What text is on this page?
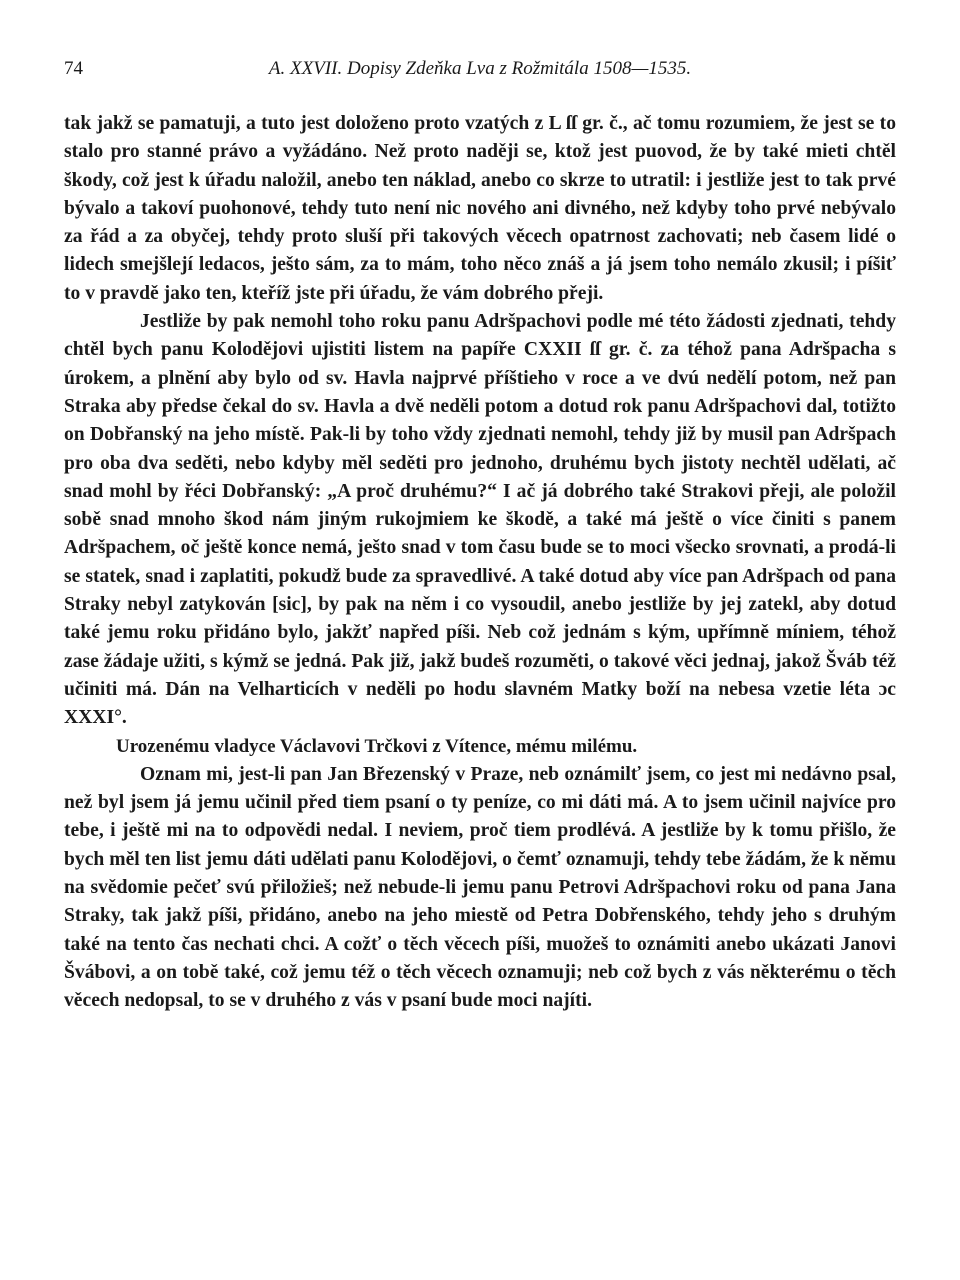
74	A. XXVII. Dopisy Zdeňka Lva z Rožmitála 1508—1535.

tak jakž se pamatuji, a tuto jest doloženo proto vzatých z L ſſ gr. č., ač tomu rozumiem, že jest se to stalo pro stanné právo a vyžádáno. Než proto naději se, ktož jest puovod, že by také mieti chtěl škody, což jest k úřadu naložil, anebo ten náklad, anebo co skrze to utratil: i jestliže jest to tak prvé bývalo a takoví puohonové, tehdy tuto není nic nového ani divného, než kdyby toho prvé nebývalo za řád a za obyčej, tehdy proto sluší při takových věcech opatrnost zachovati; neb časem lidé o lidech smejšlejí ledacos, ješto sám, za to mám, toho něco znáš a já jsem toho nemálo zkusil; i píšiť to v pravdě jako ten, kteříž jste při úřadu, že vám dobrého přeji.

Jestliže by pak nemohl toho roku panu Adršpachovi podle mé této žádosti zjednati, tehdy chtěl bych panu Kolodějovi ujistiti listem na papíře CXXII ſſ gr. č. za téhož pana Adršpacha s úrokem, a plnění aby bylo od sv. Havla najprvé příštieho v roce a ve dvú nedělí potom, než pan Straka aby předse čekal do sv. Havla a dvě neděli potom a dotud rok panu Adršpachovi dal, totižto on Dobřanský na jeho místě. Pak-li by toho vždy zjednati nemohl, tehdy již by musil pan Adršpach pro oba dva seděti, nebo kdyby měl seděti pro jednoho, druhému bych jistoty nechtěl udělati, ač snad mohl by řéci Dobřanský: „A proč druhému?“ I ač já dobrého také Strakovi přeji, ale položil sobě snad mnoho škod nám jiným rukojmiem ke škodě, a také má ještě o více činiti s panem Adršpachem, oč ještě konce nemá, ješto snad v tom času bude se to moci všecko srovnati, a prodá-li se statek, snad i zaplatiti, pokudž bude za spravedlivé. A také dotud aby více pan Adršpach od pana Straky nebyl zatykován [sic], by pak na něm i co vysoudil, anebo jestliže by jej zatekl, aby dotud také jemu roku přidáno bylo, jakžť napřed píši. Neb což jednám s kým, upřímně míniem, téhož zase žádaje užiti, s kýmž se jedná. Pak již, jakž budeš rozuměti, o takové věci jednaj, jakož Šváb též učiniti má. Dán na Velharticích v neděli po hodu slavném Matky boží na nebesa vzetie léta ɔc XXXI°.

Urozenému vladyce Václavovi Trčkovi z Vítence, mému milému.

Oznam mi, jest-li pan Jan Březenský v Praze, neb oznámilť jsem, co jest mi nedávno psal, než byl jsem já jemu učinil před tiem psaní o ty peníze, co mi dáti má. A to jsem učinil najvíce pro tebe, i ještě mi na to odpovědi nedal. I neviem, proč tiem prodlévá. A jestliže by k tomu přišlo, že bych měl ten list jemu dáti udělati panu Kolodějovi, o čemť oznamuji, tehdy tebe žádám, že k němu na svědomie pečeť svú přiložieš; než nebude-li jemu panu Petrovi Adršpachovi roku od pana Jana Straky, tak jakž píši, přidáno, anebo na jeho miestě od Petra Dobřenského, tehdy jeho s druhým také na tento čas nechati chci. A cožť o těch věcech píši, muožeš to oznámiti anebo ukázati Janovi Švábovi, a on tobě také, což jemu též o těch věcech oznamuji; neb což bych z vás některému o těch věcech nedopsal, to se v druhého z vás v psaní bude moci najíti.
